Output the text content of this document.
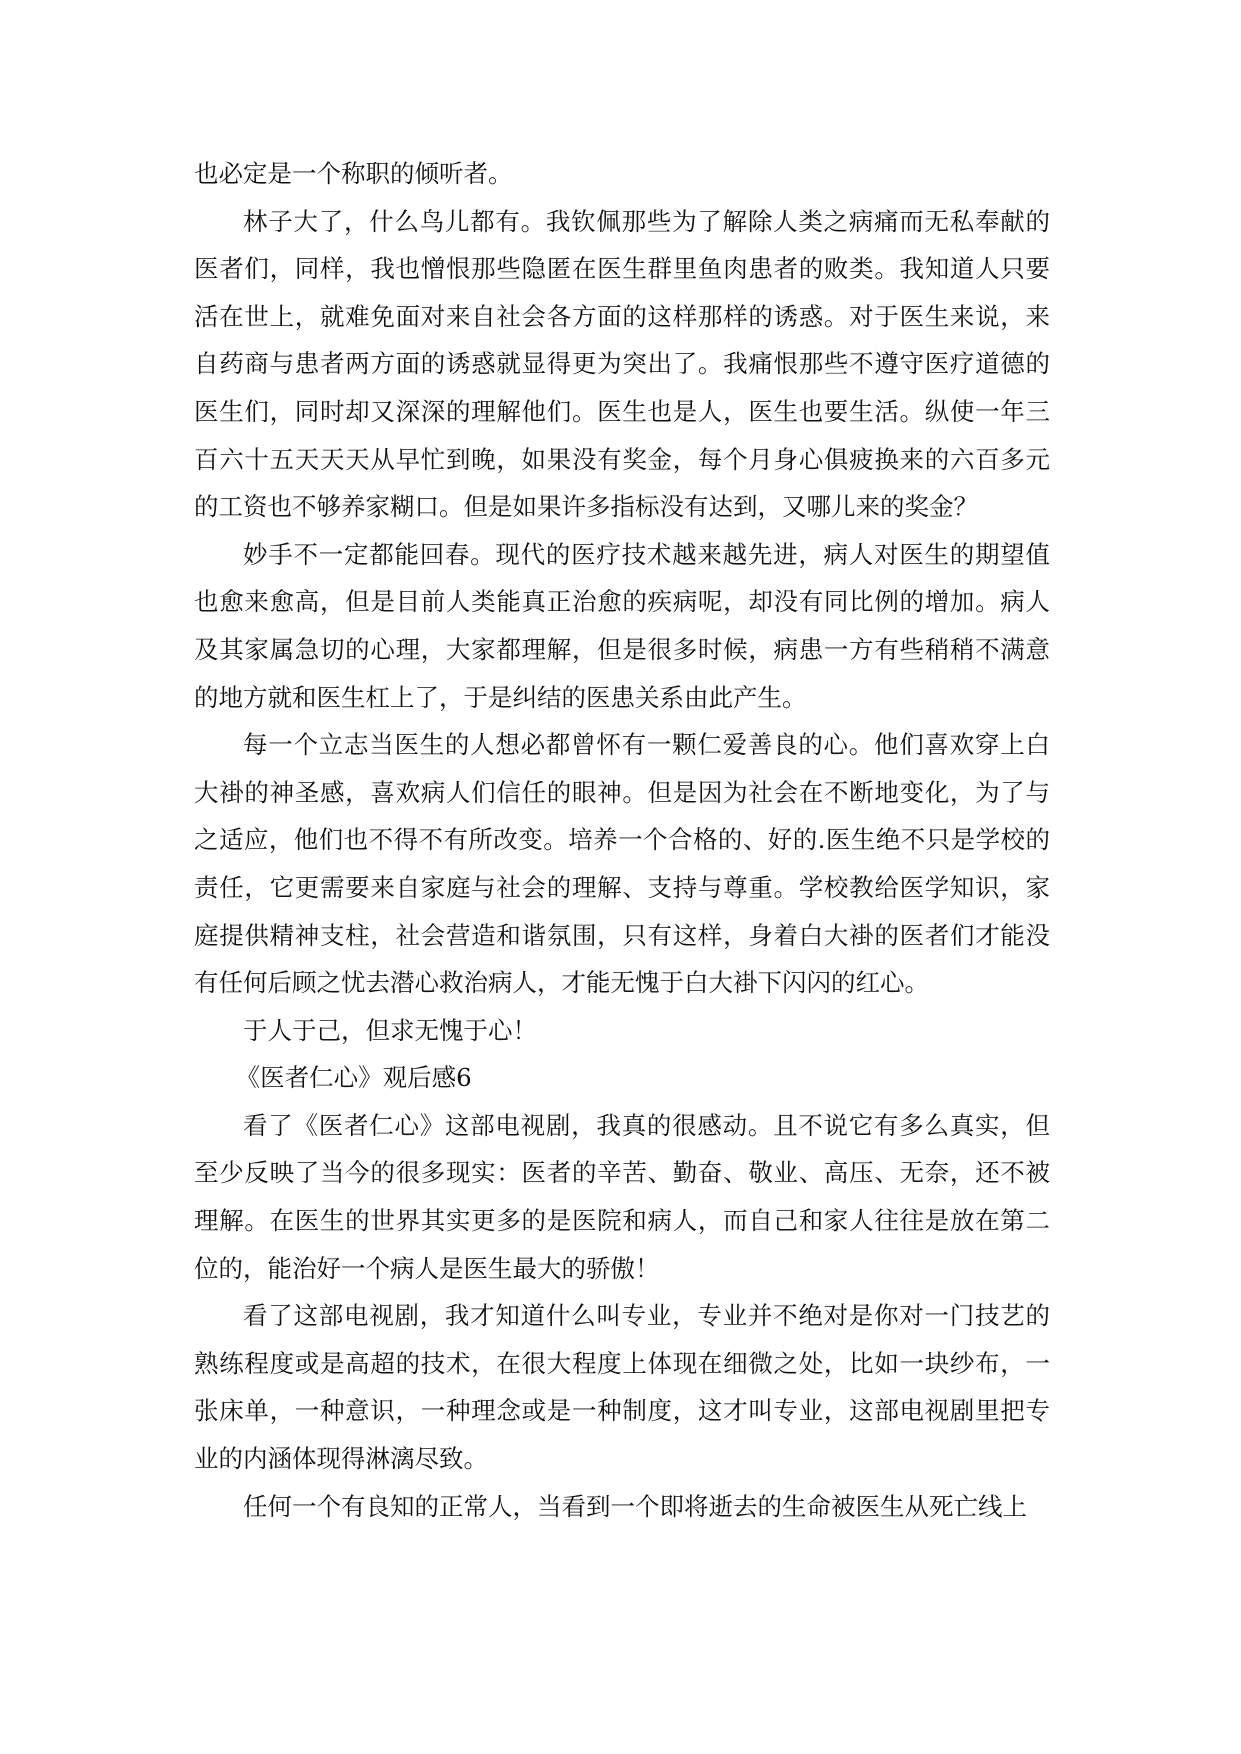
也必定是一个称职的倾听者。

林子大了，什么鸟儿都有。我钦佩那些为了解除人类之病痛而无私奉献的医者们，同样，我也憎恨那些隐匿在医生群里鱼肉患者的败类。我知道人只要活在世上，就难免面对来自社会各方面的这样那样的诱惑。对于医生来说，来自药商与患者两方面的诱惑就显得更为突出了。我痛恨那些不遵守医疗道德的医生们，同时却又深深的理解他们。医生也是人，医生也要生活。纵使一年三百六十五天天天从早忙到晚，如果没有奖金，每个月身心俱疲换来的六百多元的工资也不够养家糊口。但是如果许多指标没有达到，又哪儿来的奖金？

妙手不一定都能回春。现代的医疗技术越来越先进，病人对医生的期望值也愈来愈高，但是目前人类能真正治愈的疾病呢，却没有同比例的增加。病人及其家属急切的心理，大家都理解，但是很多时候，病患一方有些稍稍不满意的地方就和医生杠上了，于是纠结的医患关系由此产生。

每一个立志当医生的人想必都曾怀有一颗仁爱善良的心。他们喜欢穿上白大褂的神圣感，喜欢病人们信任的眼神。但是因为社会在不断地变化，为了与之适应，他们也不得不有所改变。培养一个合格的、好的.医生绝不只是学校的责任，它更需要来自家庭与社会的理解、支持与尊重。学校教给医学知识，家庭提供精神支柱，社会营造和谐氛围，只有这样，身着白大褂的医者们才能没有任何后顾之忧去潜心救治病人，才能无愧于白大褂下闪闪的红心。

于人于己，但求无愧于心！

《医者仁心》观后感6

看了《医者仁心》这部电视剧，我真的很感动。且不说它有多么真实，但至少反映了当今的很多现实：医者的辛苦、勤奋、敬业、高压、无奈，还不被理解。在医生的世界其实更多的是医院和病人，而自己和家人往往是放在第二位的，能治好一个病人是医生最大的骄傲！

看了这部电视剧，我才知道什么叫专业，专业并不绝对是你对一门技艺的熟练程度或是高超的技术，在很大程度上体现在细微之处，比如一块纱布，一张床单，一种意识，一种理念或是一种制度，这才叫专业，这部电视剧里把专业的内涵体现得淋漓尽致。

任何一个有良知的正常人，当看到一个即将逝去的生命被医生从死亡线上
